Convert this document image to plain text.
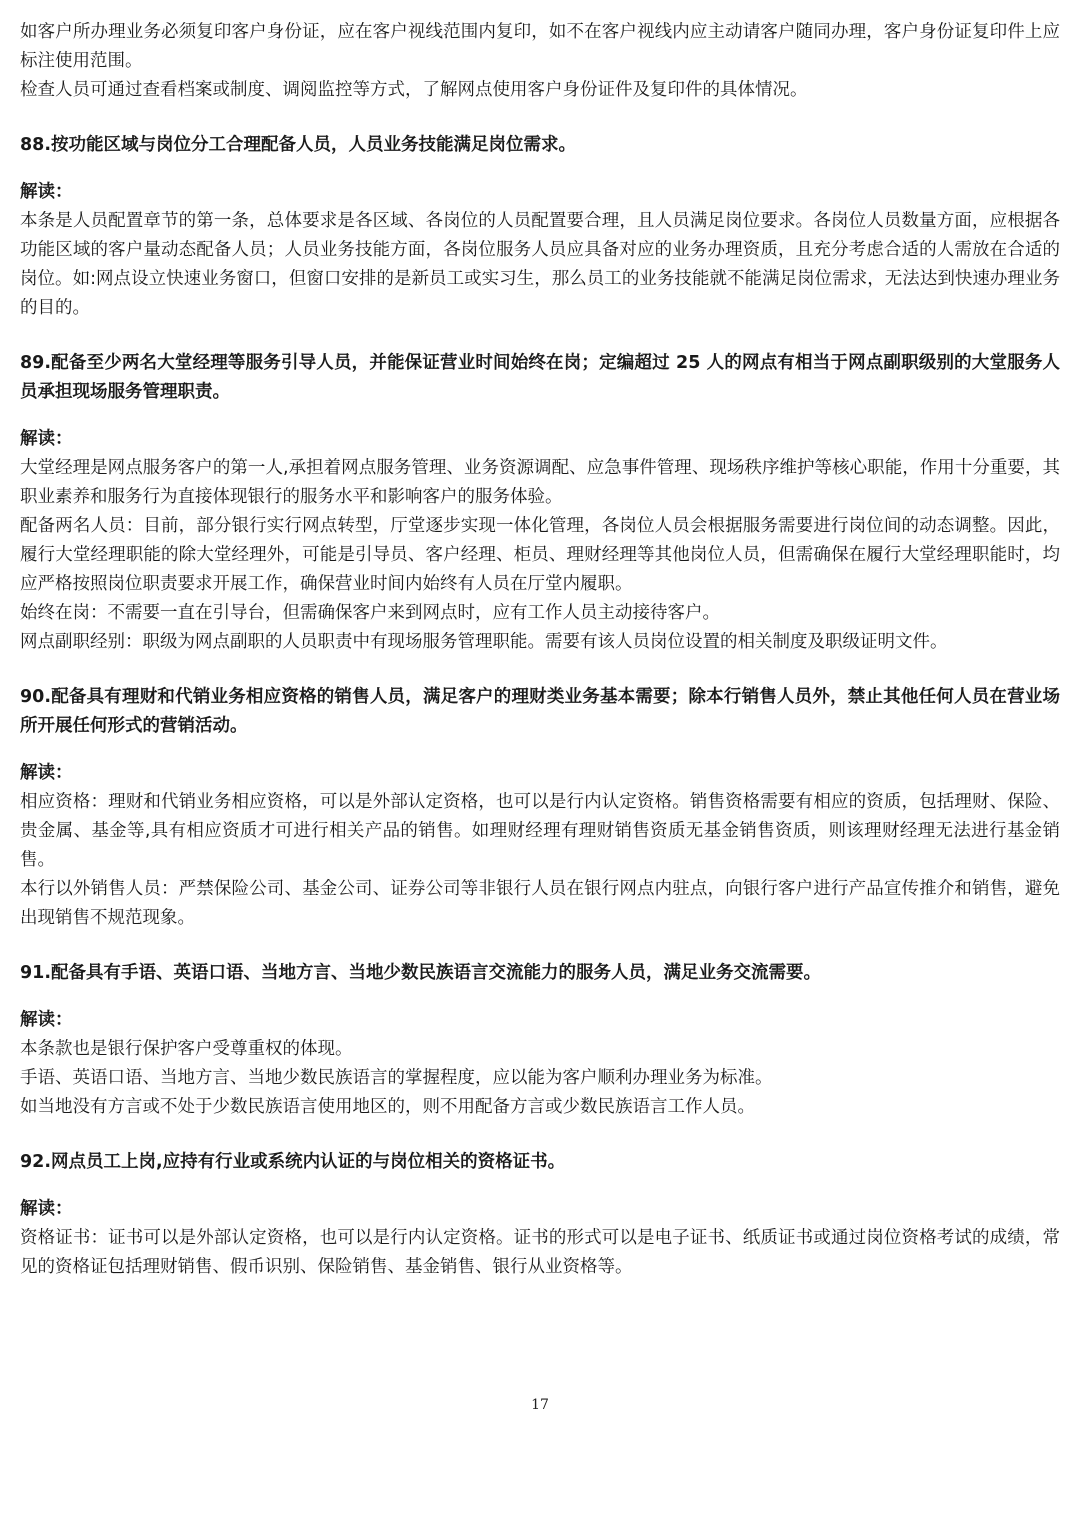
如客户所办理业务必须复印客户身份证，应在客户视线范围内复印，如不在客户视线内应主动请客户随同办理，客户身份证复印件上应标注使用范围。

检查人员可通过查看档案或制度、调阅监控等方式，了解网点使用客户身份证件及复印件的具体情况。

88.按功能区域与岗位分工合理配备人员，人员业务技能满足岗位需求。

解读：

本条是人员配置章节的第一条，总体要求是各区域、各岗位的人员配置要合理，且人员满足岗位要求。各岗位人员数量方面，应根据各功能区域的客户量动态配备人员；人员业务技能方面，各岗位服务人员应具备对应的业务办理资质，且充分考虑合适的人需放在合适的岗位。如:网点设立快速业务窗口，但窗口安排的是新员工或实习生，那么员工的业务技能就不能满足岗位需求，无法达到快速办理业务的目的。

89.配备至少两名大堂经理等服务引导人员，并能保证营业时间始终在岗；定编超过 25 人的网点有相当于网点副职级别的大堂服务人员承担现场服务管理职责。

解读：

大堂经理是网点服务客户的第一人,承担着网点服务管理、业务资源调配、应急事件管理、现场秩序维护等核心职能，作用十分重要，其职业素养和服务行为直接体现银行的服务水平和影响客户的服务体验。

配备两名人员：目前，部分银行实行网点转型，厅堂逐步实现一体化管理，各岗位人员会根据服务需要进行岗位间的动态调整。因此，履行大堂经理职能的除大堂经理外，可能是引导员、客户经理、柜员、理财经理等其他岗位人员，但需确保在履行大堂经理职能时，均应严格按照岗位职责要求开展工作，确保营业时间内始终有人员在厅堂内履职。

始终在岗：不需要一直在引导台，但需确保客户来到网点时，应有工作人员主动接待客户。

网点副职经别：职级为网点副职的人员职责中有现场服务管理职能。需要有该人员岗位设置的相关制度及职级证明文件。

90.配备具有理财和代销业务相应资格的销售人员，满足客户的理财类业务基本需要；除本行销售人员外，禁止其他任何人员在营业场所开展任何形式的营销活动。

解读：

相应资格：理财和代销业务相应资格，可以是外部认定资格，也可以是行内认定资格。销售资格需要有相应的资质，包括理财、保险、贵金属、基金等,具有相应资质才可进行相关产品的销售。如理财经理有理财销售资质无基金销售资质，则该理财经理无法进行基金销售。

本行以外销售人员：严禁保险公司、基金公司、证券公司等非银行人员在银行网点内驻点，向银行客户进行产品宣传推介和销售，避免出现销售不规范现象。

91.配备具有手语、英语口语、当地方言、当地少数民族语言交流能力的服务人员，满足业务交流需要。

解读：

本条款也是银行保护客户受尊重权的体现。

手语、英语口语、当地方言、当地少数民族语言的掌握程度，应以能为客户顺利办理业务为标准。

如当地没有方言或不处于少数民族语言使用地区的，则不用配备方言或少数民族语言工作人员。

92.网点员工上岗,应持有行业或系统内认证的与岗位相关的资格证书。

解读：

资格证书：证书可以是外部认定资格，也可以是行内认定资格。证书的形式可以是电子证书、纸质证书或通过岗位资格考试的成绩，常见的资格证包括理财销售、假币识别、保险销售、基金销售、银行从业资格等。

17
